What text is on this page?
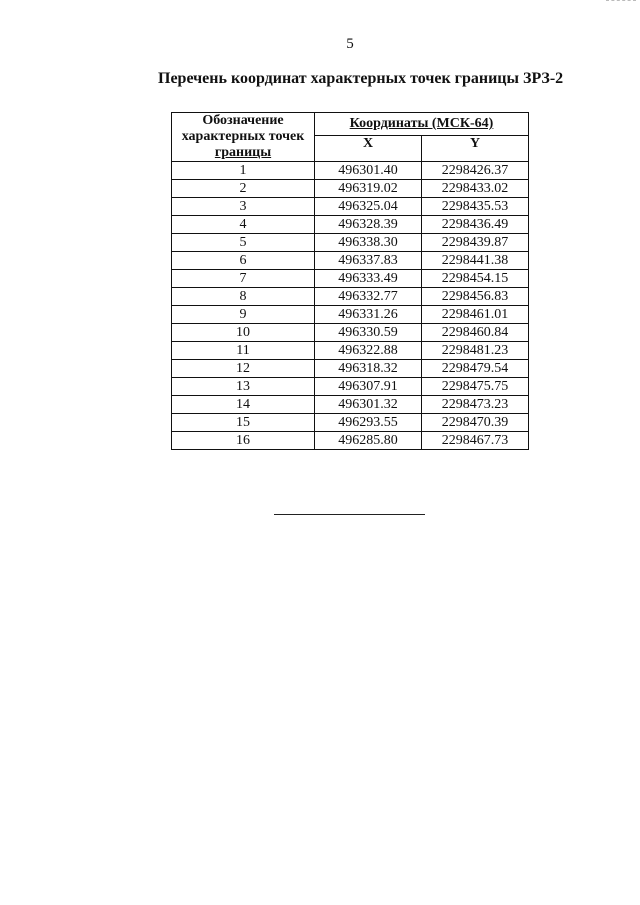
5
Перечень координат характерных точек границы ЗРЗ-2
Обозначение
характерных точек
границы	Координаты (МСК-64)	
	X	Y
1	496301.40	2298426.37
2	496319.02	2298433.02
3	496325.04	2298435.53
4	496328.39	2298436.49
5	496338.30	2298439.87
6	496337.83	2298441.38
7	496333.49	2298454.15
8	496332.77	2298456.83
9	496331.26	2298461.01
10	496330.59	2298460.84
11	496322.88	2298481.23
12	496318.32	2298479.54
13	496307.91	2298475.75
14	496301.32	2298473.23
15	496293.55	2298470.39
16	496285.80	2298467.73
